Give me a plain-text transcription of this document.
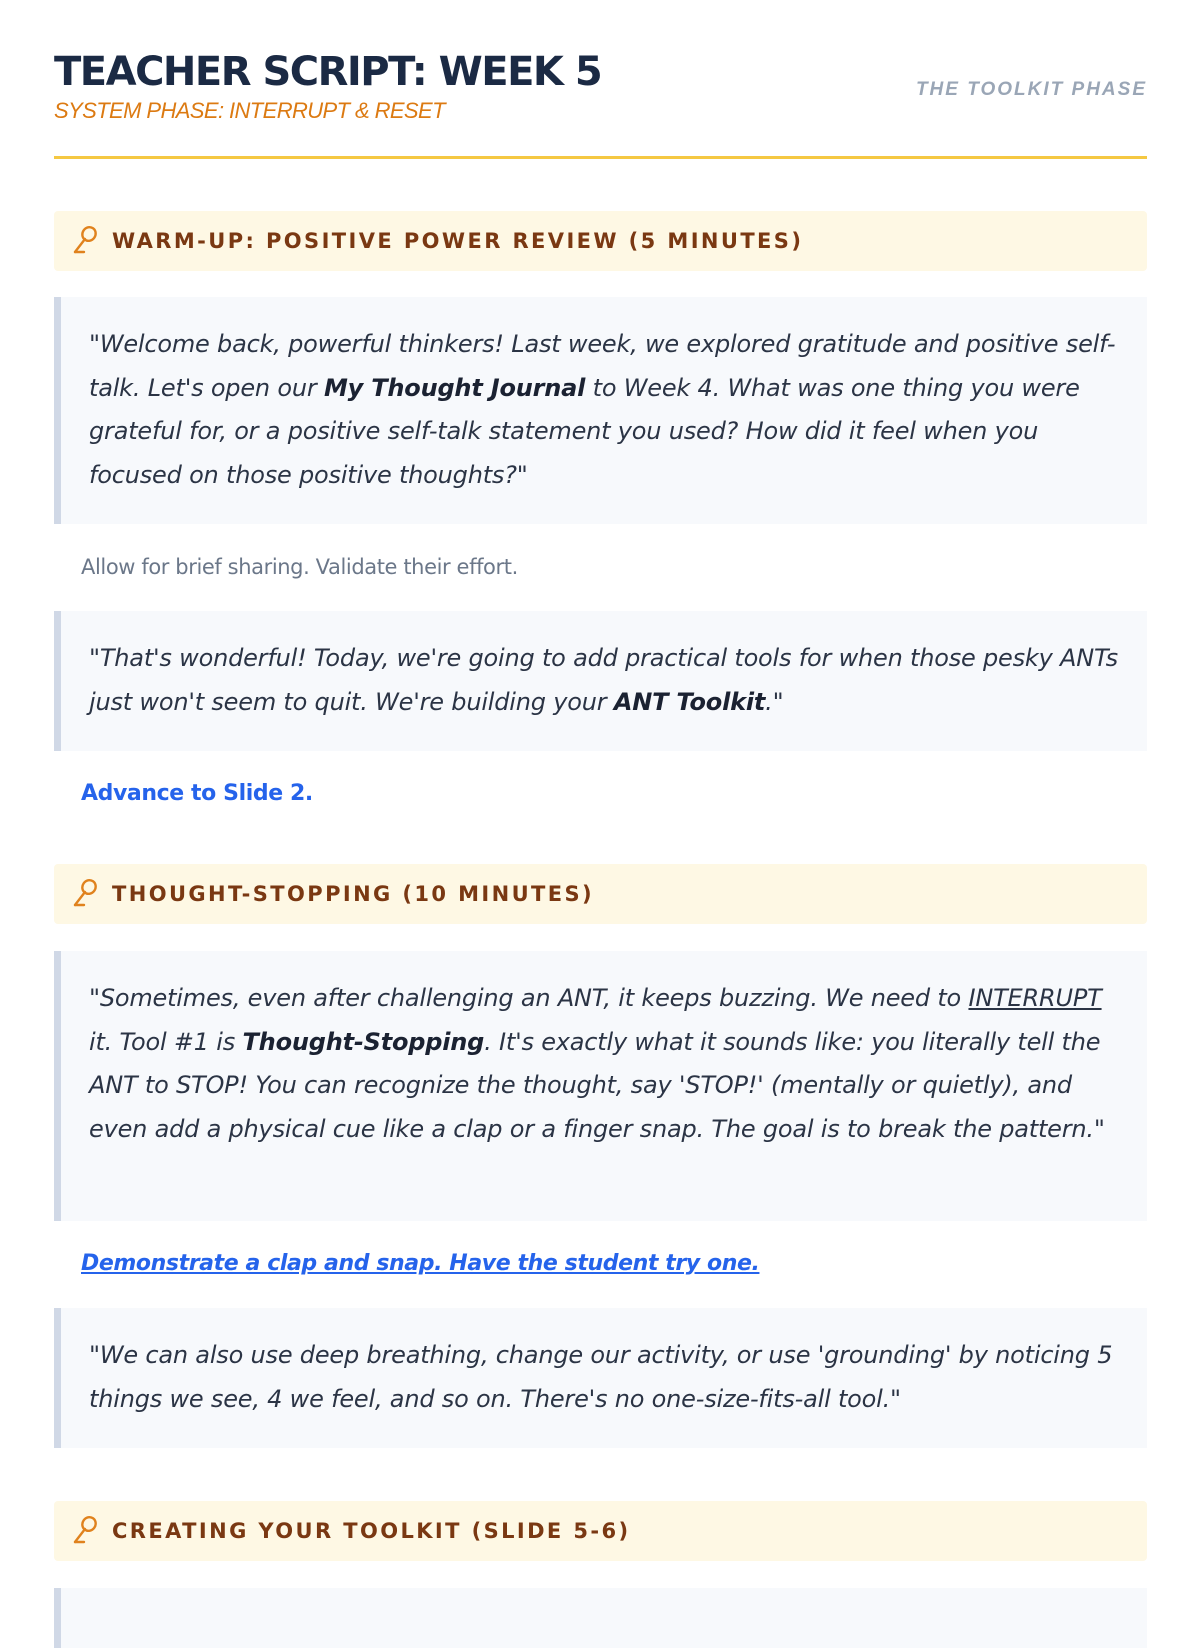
TEACHER SCRIPT: WEEK 5
SYSTEM PHASE: INTERRUPT & RESET
THE TOOLKIT PHASE
WARM-UP: POSITIVE POWER REVIEW (5 MINUTES)
"Welcome back, powerful thinkers! Last week, we explored gratitude and positive self-talk. Let's open our My Thought Journal to Week 4. What was one thing you were grateful for, or a positive self-talk statement you used? How did it feel when you focused on those positive thoughts?"
Allow for brief sharing. Validate their effort.
"That's wonderful! Today, we're going to add practical tools for when those pesky ANTs just won't seem to quit. We're building your ANT Toolkit."
Advance to Slide 2.
THOUGHT-STOPPING (10 MINUTES)
"Sometimes, even after challenging an ANT, it keeps buzzing. We need to INTERRUPT it. Tool #1 is Thought-Stopping. It's exactly what it sounds like: you literally tell the ANT to STOP! You can recognize the thought, say 'STOP!' (mentally or quietly), and even add a physical cue like a clap or a finger snap. The goal is to break the pattern."
Demonstrate a clap and snap. Have the student try one.
"We can also use deep breathing, change our activity, or use 'grounding' by noticing 5 things we see, 4 we feel, and so on. There's no one-size-fits-all tool."
CREATING YOUR TOOLKIT (SLIDE 5-6)
